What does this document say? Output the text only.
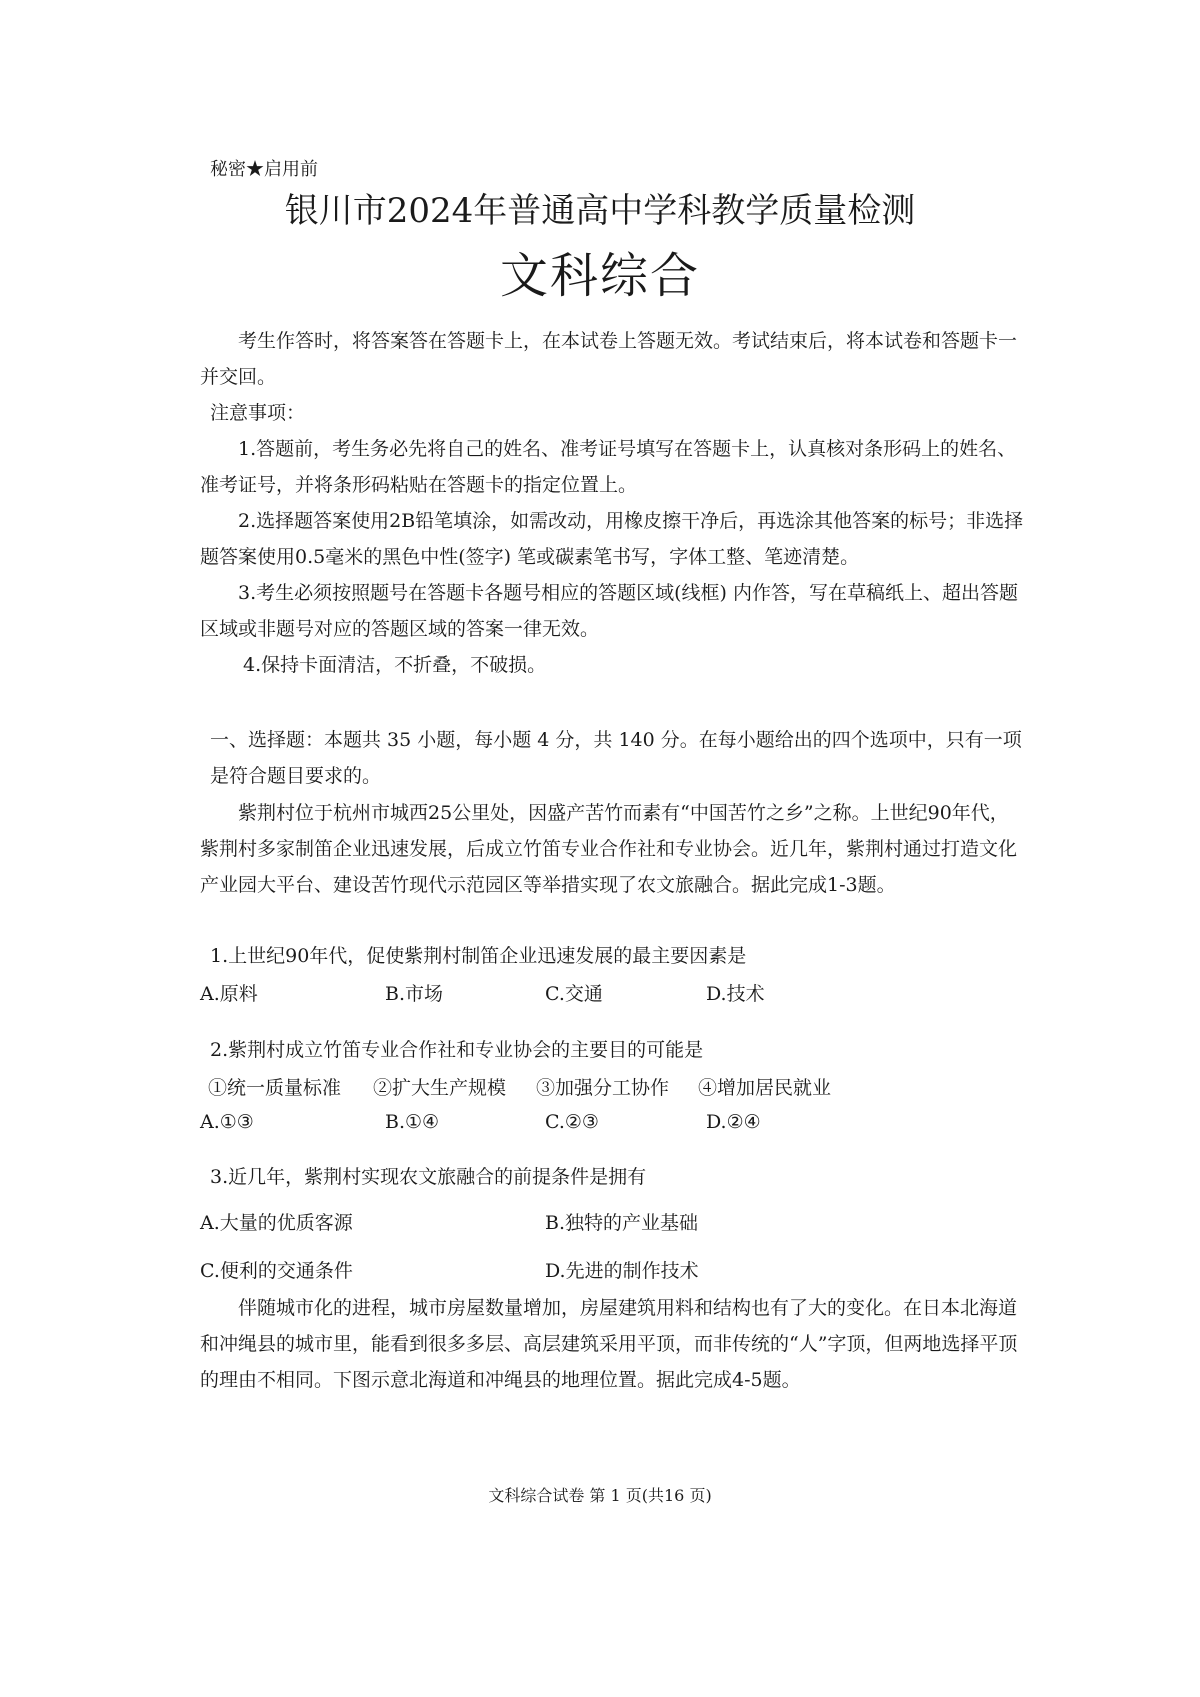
秘密★启用前
银川市2024年普通高中学科教学质量检测
文科综合
考生作答时，将答案答在答题卡上，在本试卷上答题无效。考试结束后，将本试卷和答题卡一并交回。
注意事项：
1.答题前，考生务必先将自己的姓名、准考证号填写在答题卡上，认真核对条形码上的姓名、准考证号，并将条形码粘贴在答题卡的指定位置上。
2.选择题答案使用2B铅笔填涂，如需改动，用橡皮擦干净后，再选涂其他答案的标号；非选择题答案使用0.5毫米的黑色中性(签字) 笔或碳素笔书写，字体工整、笔迹清楚。
3.考生必须按照题号在答题卡各题号相应的答题区域(线框) 内作答，写在草稿纸上、超出答题区域或非题号对应的答题区域的答案一律无效。
4.保持卡面清洁，不折叠，不破损。
一、选择题：本题共 35 小题，每小题 4 分，共 140 分。在每小题给出的四个选项中，只有一项是符合题目要求的。
紫荆村位于杭州市城西25公里处，因盛产苦竹而素有“中国苦竹之乡”之称。上世纪90年代，紫荆村多家制笛企业迅速发展，后成立竹笛专业合作社和专业协会。近几年，紫荆村通过打造文化产业园大平台、建设苦竹现代示范园区等举措实现了农文旅融合。据此完成1-3题。
1.上世纪90年代，促使紫荆村制笛企业迅速发展的最主要因素是
A.原料	B.市场	C.交通	D.技术
2.紫荆村成立竹笛专业合作社和专业协会的主要目的可能是
①统一质量标准 ②扩大生产规模 ③加强分工协作 ④增加居民就业
A.①③	B.①④	C.②③	D.②④
3.近几年，紫荆村实现农文旅融合的前提条件是拥有
A.大量的优质客源	B.独特的产业基础
C.便利的交通条件	D.先进的制作技术
伴随城市化的进程，城市房屋数量增加，房屋建筑用料和结构也有了大的变化。在日本北海道和冲绳县的城市里，能看到很多多层、高层建筑采用平顶，而非传统的“人”字顶，但两地选择平顶的理由不相同。下图示意北海道和冲绳县的地理位置。据此完成4-5题。
文科综合试卷 第 1 页(共16 页)
